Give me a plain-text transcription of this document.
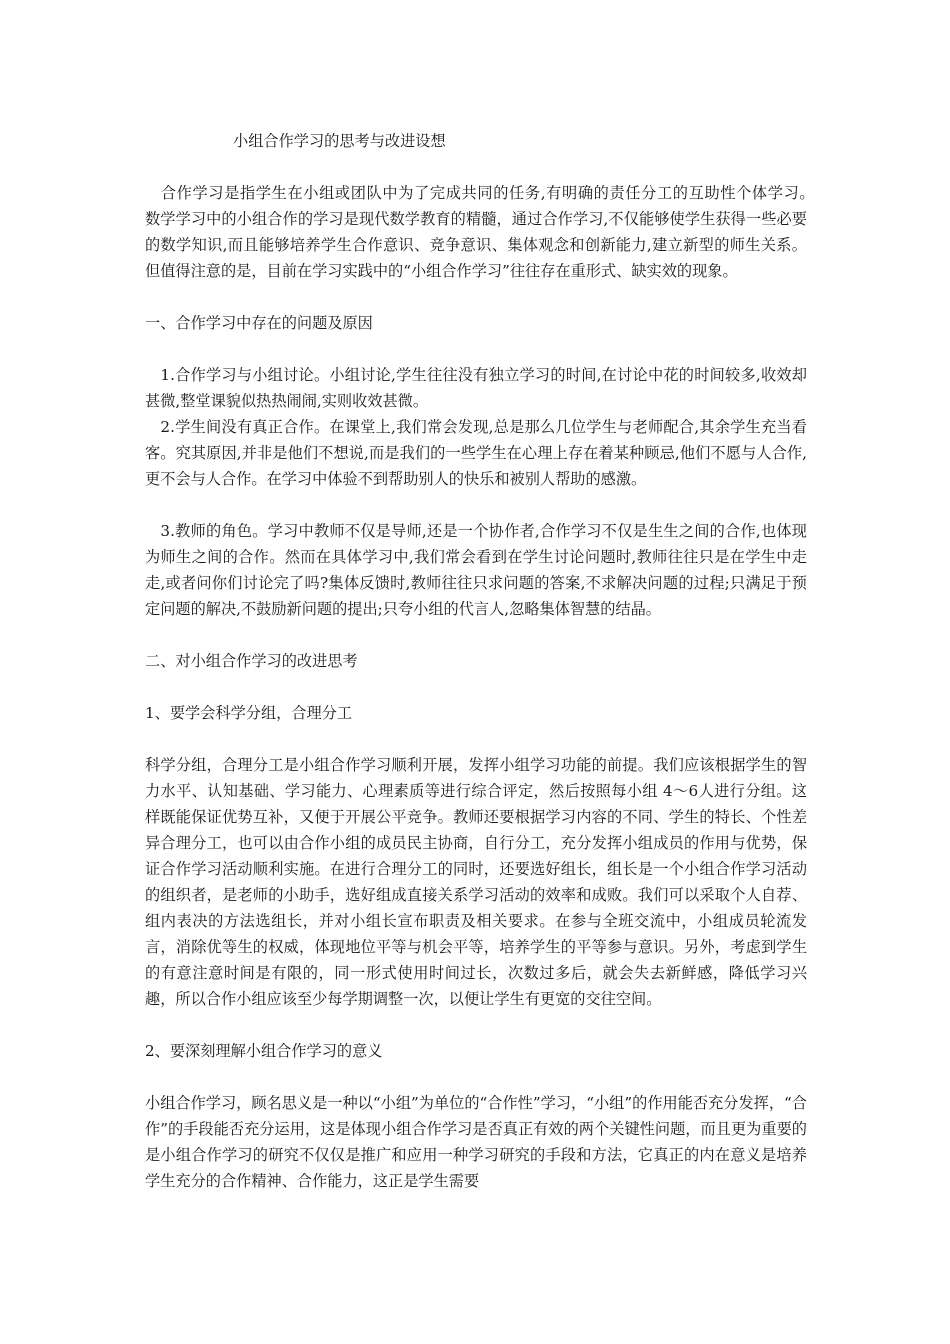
小组合作学习的思考与改进设想

　合作学习是指学生在小组或团队中为了完成共同的任务,有明确的责任分工的互助性个体学习。　数学学习中的小组合作的学习是现代数学教育的精髓，通过合作学习,不仅能够使学生获得一些必要的数学知识,而且能够培养学生合作意识、竞争意识、集体观念和创新能力,建立新型的师生关系。但值得注意的是，目前在学习实践中的“小组合作学习”往往存在重形式、缺实效的现象。

一、合作学习中存在的问题及原因

　1.合作学习与小组讨论。小组讨论,学生往往没有独立学习的时间,在讨论中花的时间较多,收效却甚微,整堂课貌似热热闹闹,实则收效甚微。

　2.学生间没有真正合作。在课堂上,我们常会发现,总是那么几位学生与老师配合,其余学生充当看客。究其原因,并非是他们不想说,而是我们的一些学生在心理上存在着某种顾忌,他们不愿与人合作,更不会与人合作。在学习中体验不到帮助别人的快乐和被别人帮助的感激。

　3.教师的角色。学习中教师不仅是导师,还是一个协作者,合作学习不仅是生生之间的合作,也体现为师生之间的合作。然而在具体学习中,我们常会看到在学生讨论问题时,教师往往只是在学生中走走,或者问你们讨论完了吗?集体反馈时,教师往往只求问题的答案,不求解决问题的过程;只满足于预定问题的解决,不鼓励新问题的提出;只夸小组的代言人,忽略集体智慧的结晶。

二、对小组合作学习的改进思考

1、要学会科学分组，合理分工

科学分组，合理分工是小组合作学习顺利开展，发挥小组学习功能的前提。我们应该根据学生的智力水平、认知基础、学习能力、心理素质等进行综合评定，然后按照每小组 4～6人进行分组。这样既能保证优势互补，又便于开展公平竞争。教师还要根据学习内容的不同、学生的特长、个性差异合理分工，也可以由合作小组的成员民主协商，自行分工，充分发挥小组成员的作用与优势，保证合作学习活动顺利实施。在进行合理分工的同时，还要选好组长，组长是一个小组合作学习活动的组织者，是老师的小助手，选好组成直接关系学习活动的效率和成败。我们可以采取个人自荐、组内表决的方法选组长，并对小组长宣布职责及相关要求。在参与全班交流中，小组成员轮流发言，消除优等生的权威，体现地位平等与机会平等，培养学生的平等参与意识。另外，考虑到学生的有意注意时间是有限的，同一形式使用时间过长，次数过多后，就会失去新鲜感，降低学习兴趣，所以合作小组应该至少每学期调整一次，以便让学生有更宽的交往空间。

2、要深刻理解小组合作学习的意义

小组合作学习，顾名思义是一种以“小组”为单位的“合作性”学习，“小组”的作用能否充分发挥，“合作”的手段能否充分运用，这是体现小组合作学习是否真正有效的两个关键性问题，而且更为重要的是小组合作学习的研究不仅仅是推广和应用一种学习研究的手段和方法，它真正的内在意义是培养学生充分的合作精神、合作能力，这正是学生需要
